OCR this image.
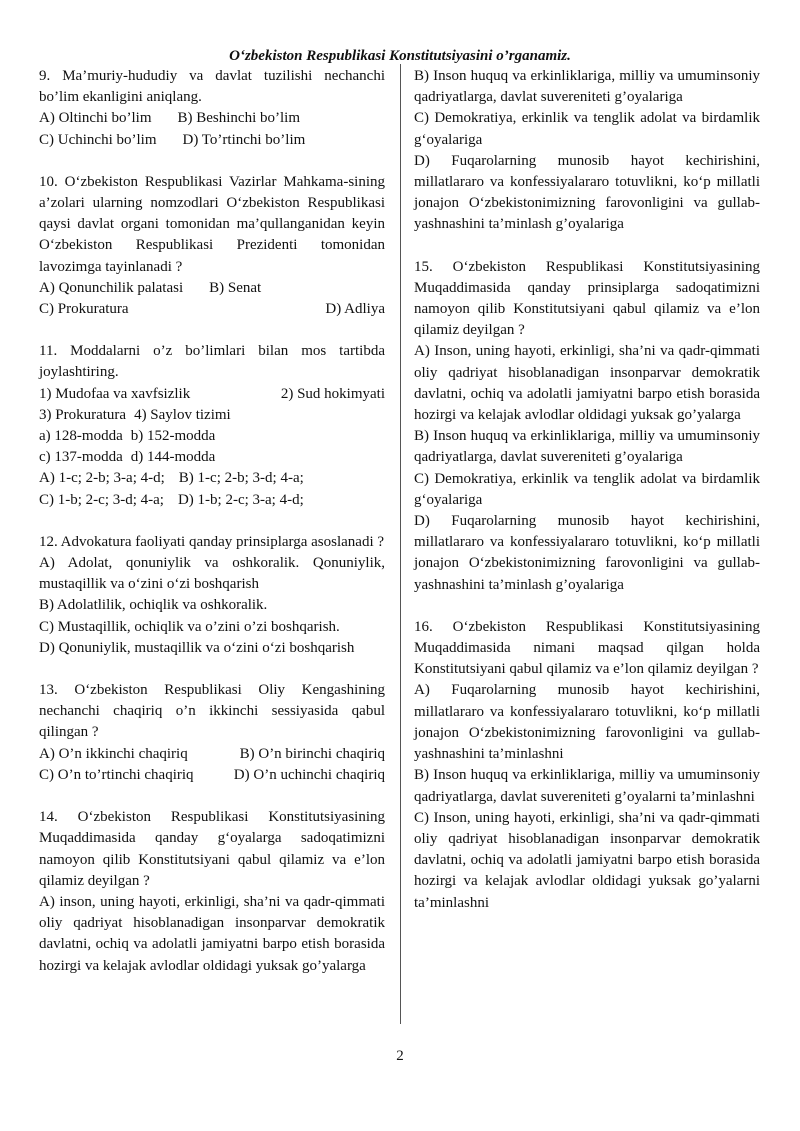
O‘zbekiston Respublikasi Konstitutsiyasini o’rganamiz.
9. Ma’muriy-hududiy va davlat tuzilishi nechanchi bo’lim ekanligini aniqlang.
A) Oltinchi bo’lim B) Beshinchi bo’lim
C) Uchinchi bo’lim D) To’rtinchi bo’lim
10. O‘zbekiston Respublikasi Vazirlar Mahkama-sining a’zolari ularning nomzodlari O‘zbekiston Respublikasi qaysi davlat organi tomonidan ma’qullanganidan keyin O‘zbekiston Respublikasi Prezidenti tomonidan lavozimga tayinlanadi ?
A) Qonunchilik palatasi B) Senat
C) Prokuratura	D) Adliya
11. Moddalarni o’z bo’limlari bilan mos tartibda joylashtiring.
1) Mudofaa va xavfsizlik	2) Sud hokimyati
3) Prokuratura 4) Saylov tizimi
a) 128-modda b) 152-modda
c) 137-modda d) 144-modda
A) 1-c; 2-b; 3-a; 4-d; B) 1-c; 2-b; 3-d; 4-a;
C) 1-b; 2-c; 3-d; 4-a; D) 1-b; 2-c; 3-a; 4-d;
12. Advokatura faoliyati qanday prinsiplarga asoslanadi ?
A) Adolat, qonuniylik va oshkoralik. Qonuniylik, mustaqillik va o‘zini o‘zi boshqarish
B) Adolatlilik, ochiqlik va oshkoralik.
C) Mustaqillik, ochiqlik va o’zini o’zi boshqarish.
D) Qonuniylik, mustaqillik va o‘zini o‘zi boshqarish
13. O‘zbekiston Respublikasi Oliy Kengashining nechanchi chaqiriq o’n ikkinchi sessiyasida qabul qilingan ?
A) O’n ikkinchi chaqiriq	B) O’n birinchi chaqiriq
C) O’n to’rtinchi chaqiriq	D) O’n uchinchi chaqiriq
14. O‘zbekiston Respublikasi Konstitutsiyasining Muqaddimasida qanday g‘oyalarga sadoqatimizni namoyon qilib Konstitutsiyani qabul qilamiz va e’lon qilamiz deyilgan ?
A) inson, uning hayoti, erkinligi, sha’ni va qadr-qimmati oliy qadriyat hisoblanadigan insonparvar demokratik davlatni, ochiq va adolatli jamiyatni barpo etish borasida hozirgi va kelajak avlodlar oldidagi yuksak go’yalarga
B) Inson huquq va erkinliklariga, milliy va umuminsoniy qadriyatlarga, davlat suvereniteti g’oyalariga
C) Demokratiya, erkinlik va tenglik adolat va birdamlik g‘oyalariga
D) Fuqarolarning munosib hayot kechirishini, millatlararo va konfessiyalararo totuvlikni, ko‘p millatli jonajon O‘zbekistonimizning farovonligini va gullab-yashnashini ta’minlash g’oyalariga
15. O‘zbekiston Respublikasi Konstitutsiyasining Muqaddimasida qanday prinsiplarga sadoqatimizni namoyon qilib Konstitutsiyani qabul qilamiz va e’lon qilamiz deyilgan ?
A) Inson, uning hayoti, erkinligi, sha’ni va qadr-qimmati oliy qadriyat hisoblanadigan insonparvar demokratik davlatni, ochiq va adolatli jamiyatni barpo etish borasida hozirgi va kelajak avlodlar oldidagi yuksak go’yalarga
B) Inson huquq va erkinliklariga, milliy va umuminsoniy qadriyatlarga, davlat suvereniteti g’oyalariga
C) Demokratiya, erkinlik va tenglik adolat va birdamlik g‘oyalariga
D) Fuqarolarning munosib hayot kechirishini, millatlararo va konfessiyalararo totuvlikni, ko‘p millatli jonajon O‘zbekistonimizning farovonligini va gullab-yashnashini ta’minlash g’oyalariga
16. O‘zbekiston Respublikasi Konstitutsiyasining Muqaddimasida nimani maqsad qilgan holda Konstitutsiyani qabul qilamiz va e’lon qilamiz deyilgan ?
A) Fuqarolarning munosib hayot kechirishini, millatlararo va konfessiyalararo totuvlikni, ko‘p millatli jonajon O‘zbekistonimizning farovonligini va gullab-yashnashini ta’minlashni
B) Inson huquq va erkinliklariga, milliy va umuminsoniy qadriyatlarga, davlat suvereniteti g’oyalarni ta’minlashni
C) Inson, uning hayoti, erkinligi, sha’ni va qadr-qimmati oliy qadriyat hisoblanadigan insonparvar demokratik davlatni, ochiq va adolatli jamiyatni barpo etish borasida hozirgi va kelajak avlodlar oldidagi yuksak go’yalarni ta’minlashni
2
